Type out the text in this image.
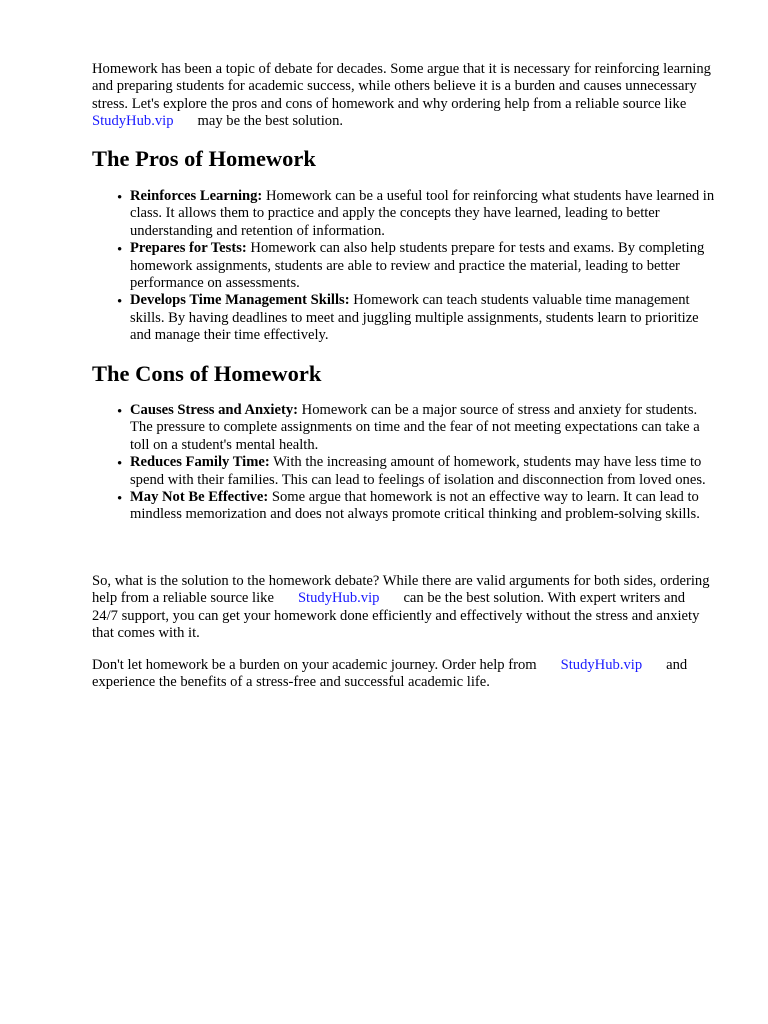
Homework has been a topic of debate for decades. Some argue that it is necessary for reinforcing learning and preparing students for academic success, while others believe it is a burden and causes unnecessary stress. Let's explore the pros and cons of homework and why ordering help from a reliable source likeStudyHub.vip may be the best solution.

The Pros of Homework
• Reinforces Learning: Homework can be a useful tool for reinforcing what students have learned in class. It allows them to practice and apply the concepts they have learned, leading to better understanding and retention of information.
• Prepares for Tests: Homework can also help students prepare for tests and exams. By completing homework assignments, students are able to review and practice the material, leading to better performance on assessments.
• Develops Time Management Skills: Homework can teach students valuable time management skills. By having deadlines to meet and juggling multiple assignments, students learn to prioritize and manage their time effectively.
The Cons of Homework
• Causes Stress and Anxiety: Homework can be a major source of stress and anxiety for students. The pressure to complete assignments on time and the fear of not meeting expectations can take a toll on a student's mental health.
• Reduces Family Time: With the increasing amount of homework, students may have less time to spend with their families. This can lead to feelings of isolation and disconnection from loved ones.
• May Not Be Effective: Some argue that homework is not an effective way to learn. It can lead to mindless memorization and does not always promote critical thinking and problem-solving skills.

So, what is the solution to the homework debate? While there are valid arguments for both sides, ordering help from a reliable source like StudyHub.vip can be the best solution. With expert writers and 24/7 support, you can get your homework done efficiently and effectively without the stress and anxiety that comes with it.

Don't let homework be a burden on your academic journey. Order help from StudyHub.vip and experience the benefits of a stress-free and successful academic life.
